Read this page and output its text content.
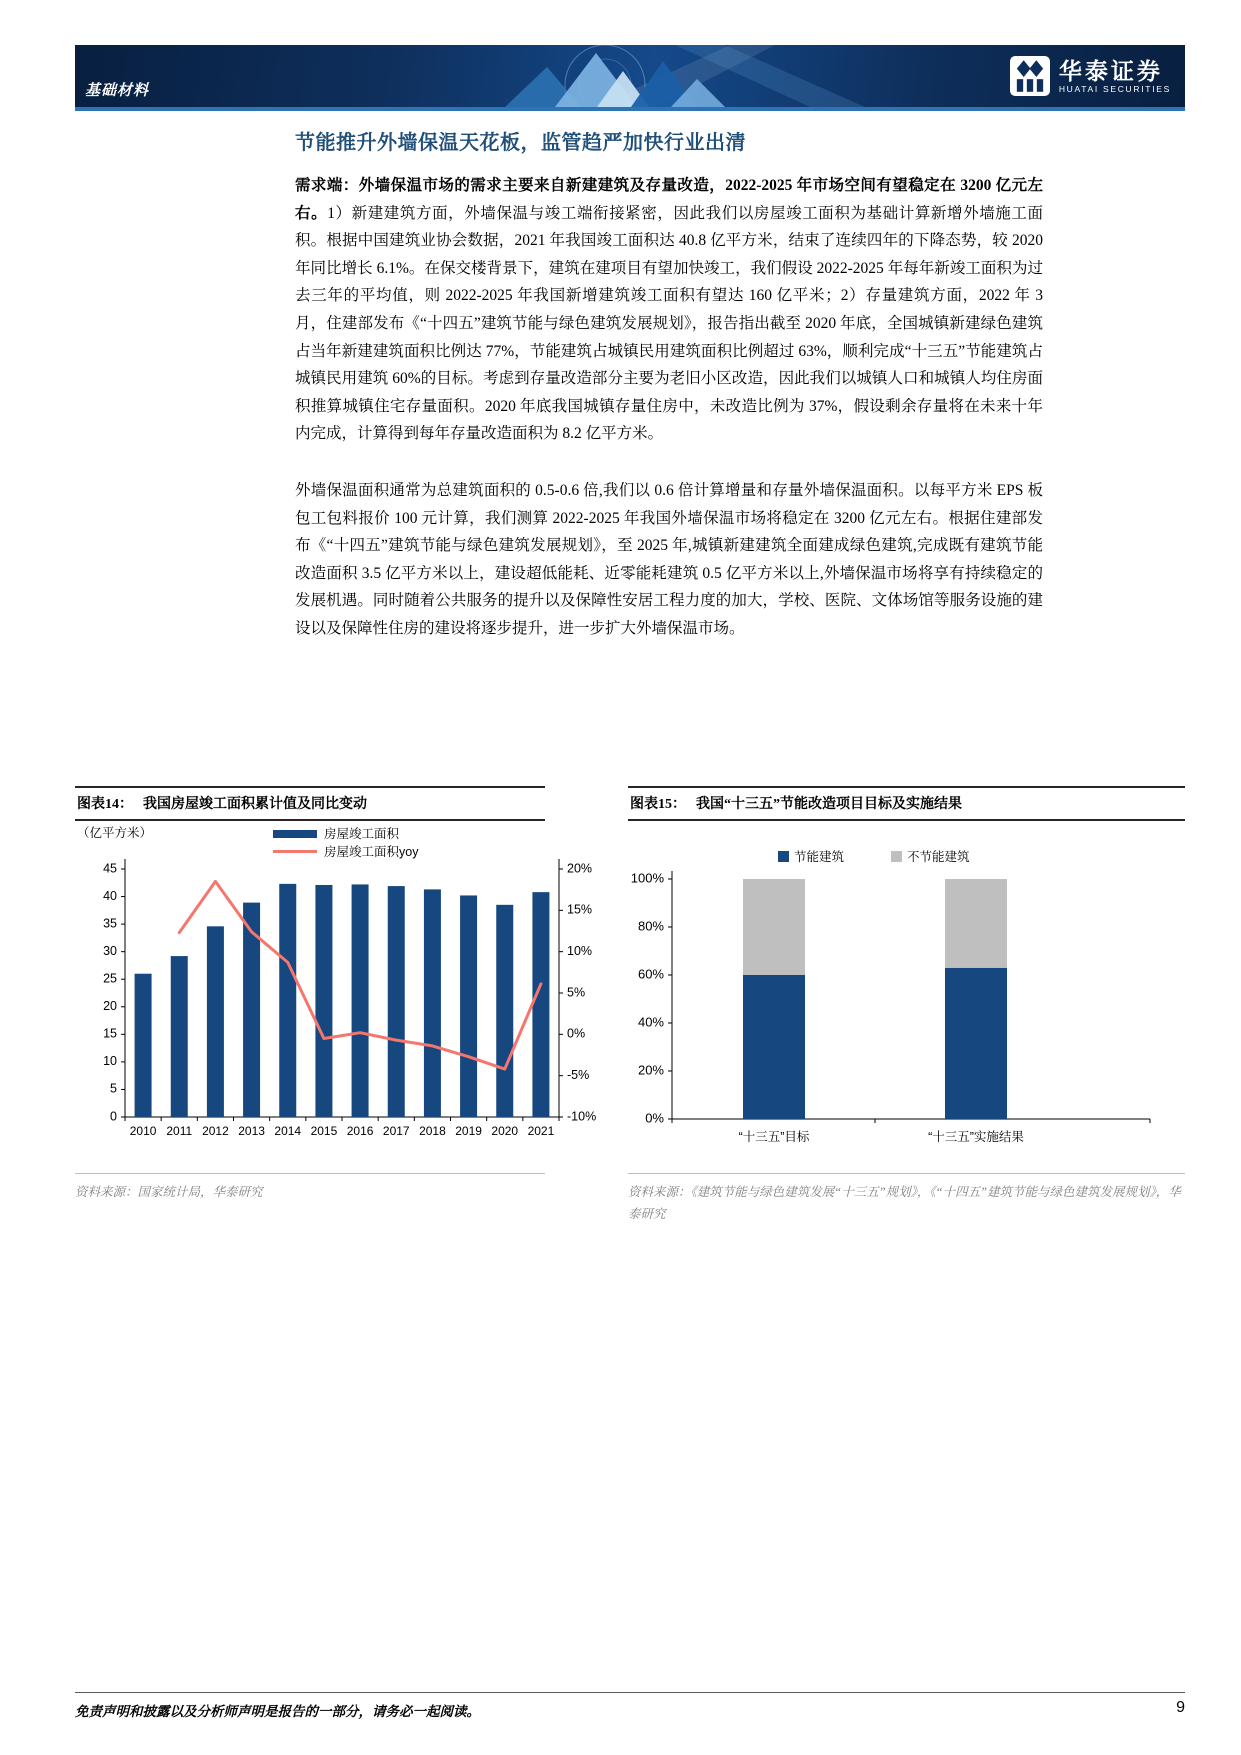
基础材料
华泰证券
HUATAI SECURITIES
节能推升外墙保温天花板，监管趋严加快行业出清

需求端：外墙保温市场的需求主要来自新建建筑及存量改造，2022-2025 年市场空间有望稳定在 3200 亿元左右。1）新建建筑方面，外墙保温与竣工端衔接紧密，因此我们以房屋竣工面积为基础计算新增外墙施工面积。根据中国建筑业协会数据，2021 年我国竣工面积达 40.8 亿平方米，结束了连续四年的下降态势，较 2020 年同比增长 6.1%。在保交楼背景下，建筑在建项目有望加快竣工，我们假设 2022-2025 年每年新竣工面积为过去三年的平均值，则 2022-2025 年我国新增建筑竣工面积有望达 160 亿平米；2）存量建筑方面，2022 年 3 月，住建部发布《“十四五”建筑节能与绿色建筑发展规划》，报告指出截至 2020 年底，全国城镇新建绿色建筑占当年新建建筑面积比例达 77%，节能建筑占城镇民用建筑面积比例超过 63%，顺利完成“十三五”节能建筑占城镇民用建筑 60%的目标。考虑到存量改造部分主要为老旧小区改造，因此我们以城镇人口和城镇人均住房面积推算城镇住宅存量面积。2020 年底我国城镇存量住房中，未改造比例为 37%，假设剩余存量将在未来十年内完成，计算得到每年存量改造面积为 8.2 亿平方米。

外墙保温面积通常为总建筑面积的 0.5-0.6 倍,我们以 0.6 倍计算增量和存量外墙保温面积。以每平方米 EPS 板包工包料报价 100 元计算，我们测算 2022-2025 年我国外墙保温市场将稳定在 3200 亿元左右。根据住建部发布《“十四五”建筑节能与绿色建筑发展规划》，至 2025 年,城镇新建建筑全面建成绿色建筑,完成既有建筑节能改造面积 3.5 亿平方米以上，建设超低能耗、近零能耗建筑 0.5 亿平方米以上,外墙保温市场将享有持续稳定的发展机遇。同时随着公共服务的提升以及保障性安居工程力度的加大，学校、医院、文体场馆等服务设施的建设以及保障性住房的建设将逐步提升，进一步扩大外墙保温市场。

图表14： 我国房屋竣工面积累计值及同比变动
0
5
10
15
20
25
30
35
40
45	20%
15%
10%
5%
0%
-5%
-10%
2010 2011 2012 2013 2014 2015 2016 2017 2018 2019 2020 2021
（亿平方米）	房屋竣工面积
房屋竣工面积yoy
资料来源：国家统计局，华泰研究
图表15： 我国“十三五”节能改造项目目标及实施结果
0%
20%
40%
60%
80%
100%
“十三五”目标	“十三五”实施结果
节能建筑	不节能建筑
资料来源：《建筑节能与绿色建筑发展“十三五”规划》，《“十四五”建筑节能与绿色建筑发展规划》，华泰研究
免责声明和披露以及分析师声明是报告的一部分，请务必一起阅读。	9
